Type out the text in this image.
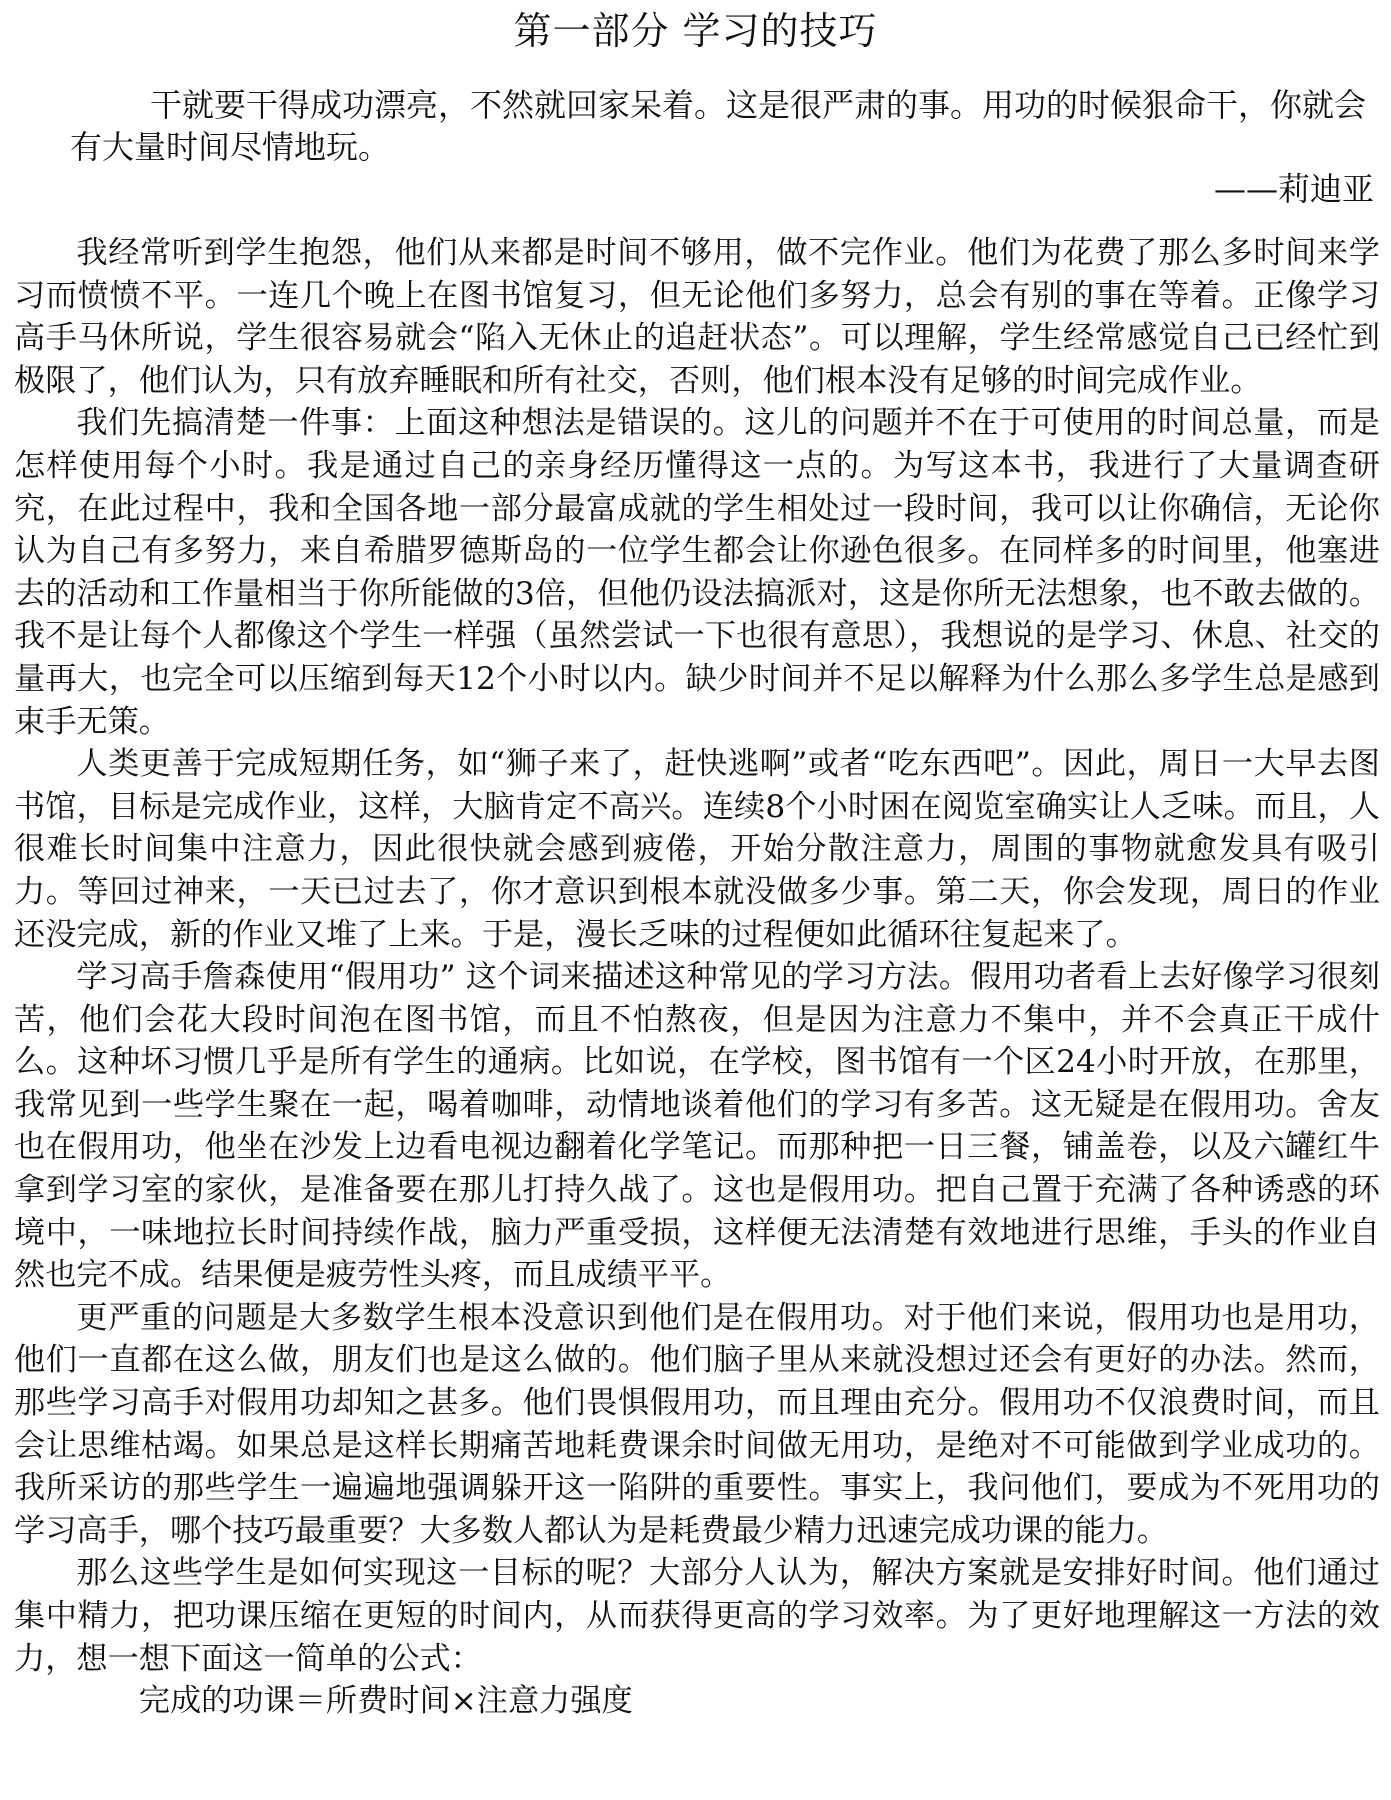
第一部分 学习的技巧

干就要干得成功漂亮，不然就回家呆着。这是很严肃的事。用功的时候狠命干，你就会有大量时间尽情地玩。

——莉迪亚

我经常听到学生抱怨，他们从来都是时间不够用，做不完作业。他们为花费了那么多时间来学习而愤愤不平。一连几个晚上在图书馆复习，但无论他们多努力，总会有别的事在等着。正像学习高手马休所说，学生很容易就会“陷入无休止的追赶状态”。可以理解，学生经常感觉自己已经忙到极限了，他们认为，只有放弃睡眠和所有社交，否则，他们根本没有足够的时间完成作业。

我们先搞清楚一件事：上面这种想法是错误的。这儿的问题并不在于可使用的时间总量，而是怎样使用每个小时。我是通过自己的亲身经历懂得这一点的。为写这本书，我进行了大量调查研究，在此过程中，我和全国各地一部分最富成就的学生相处过一段时间，我可以让你确信，无论你认为自己有多努力，来自希腊罗德斯岛的一位学生都会让你逊色很多。在同样多的时间里，他塞进去的活动和工作量相当于你所能做的3倍，但他仍设法搞派对，这是你所无法想象，也不敢去做的。我不是让每个人都像这个学生一样强（虽然尝试一下也很有意思），我想说的是学习、休息、社交的量再大，也完全可以压缩到每天12个小时以内。缺少时间并不足以解释为什么那么多学生总是感到束手无策。

人类更善于完成短期任务，如“狮子来了，赶快逃啊”或者“吃东西吧”。因此，周日一大早去图书馆，目标是完成作业，这样，大脑肯定不高兴。连续8个小时困在阅览室确实让人乏味。而且，人很难长时间集中注意力，因此很快就会感到疲倦，开始分散注意力，周围的事物就愈发具有吸引力。等回过神来，一天已过去了，你才意识到根本就没做多少事。第二天，你会发现，周日的作业还没完成，新的作业又堆了上来。于是，漫长乏味的过程便如此循环往复起来了。

学习高手詹森使用“假用功” 这个词来描述这种常见的学习方法。假用功者看上去好像学习很刻苦，他们会花大段时间泡在图书馆，而且不怕熬夜，但是因为注意力不集中，并不会真正干成什么。这种坏习惯几乎是所有学生的通病。比如说，在学校，图书馆有一个区24小时开放，在那里，我常见到一些学生聚在一起，喝着咖啡，动情地谈着他们的学习有多苦。这无疑是在假用功。舍友也在假用功，他坐在沙发上边看电视边翻着化学笔记。而那种把一日三餐，铺盖卷，以及六罐红牛拿到学习室的家伙，是准备要在那儿打持久战了。这也是假用功。把自己置于充满了各种诱惑的环境中，一味地拉长时间持续作战，脑力严重受损，这样便无法清楚有效地进行思维，手头的作业自然也完不成。结果便是疲劳性头疼，而且成绩平平。

更严重的问题是大多数学生根本没意识到他们是在假用功。对于他们来说，假用功也是用功，他们一直都在这么做，朋友们也是这么做的。他们脑子里从来就没想过还会有更好的办法。然而，那些学习高手对假用功却知之甚多。他们畏惧假用功，而且理由充分。假用功不仅浪费时间，而且会让思维枯竭。如果总是这样长期痛苦地耗费课余时间做无用功，是绝对不可能做到学业成功的。我所采访的那些学生一遍遍地强调躲开这一陷阱的重要性。事实上，我问他们，要成为不死用功的学习高手，哪个技巧最重要？大多数人都认为是耗费最少精力迅速完成功课的能力。

那么这些学生是如何实现这一目标的呢？大部分人认为，解决方案就是安排好时间。他们通过集中精力，把功课压缩在更短的时间内，从而获得更高的学习效率。为了更好地理解这一方法的效力，想一想下面这一简单的公式：

完成的功课＝所费时间×注意力强度
